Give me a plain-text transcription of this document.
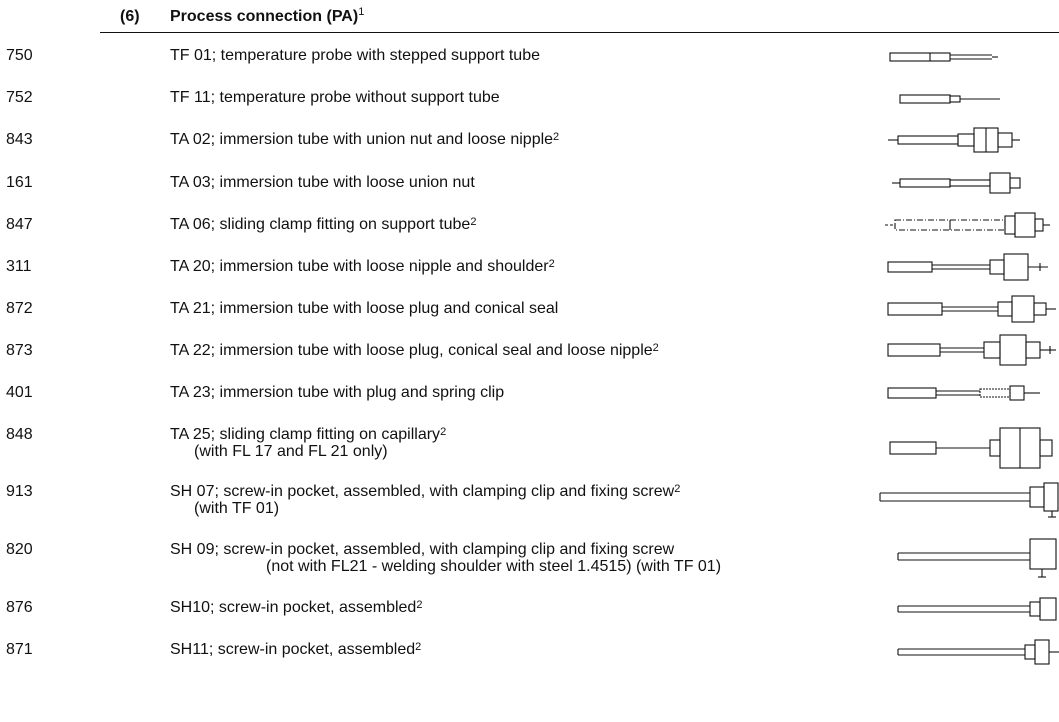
(6) Process connection (PA)$^1$
750	TF 01; temperature probe with stepped support tube
752	TF 11; temperature probe without support tube
843	TA 02; immersion tube with union nut and loose nipple$^2$
161	TA 03; immersion tube with loose union nut
847	TA 06; sliding clamp fitting on support tube$^2$
311	TA 20; immersion tube with loose nipple and shoulder$^2$
872	TA 21; immersion tube with loose plug and conical seal
873	TA 22; immersion tube with loose plug, conical seal and loose nipple$^2$
401	TA 23; immersion tube with plug and spring clip
848	TA 25; sliding clamp fitting on capillary$^2$
(with FL 17 and FL 21 only)
913	SH 07; screw-in pocket, assembled, with clamping clip and fixing screw$^2$
(with TF 01)
820	SH 09; screw-in pocket, assembled, with clamping clip and fixing screw
(not with FL21 - welding shoulder with steel 1.4515) (with TF 01)
876	SH10; screw-in pocket, assembled$^2$
871	SH11; screw-in pocket, assembled$^2$
